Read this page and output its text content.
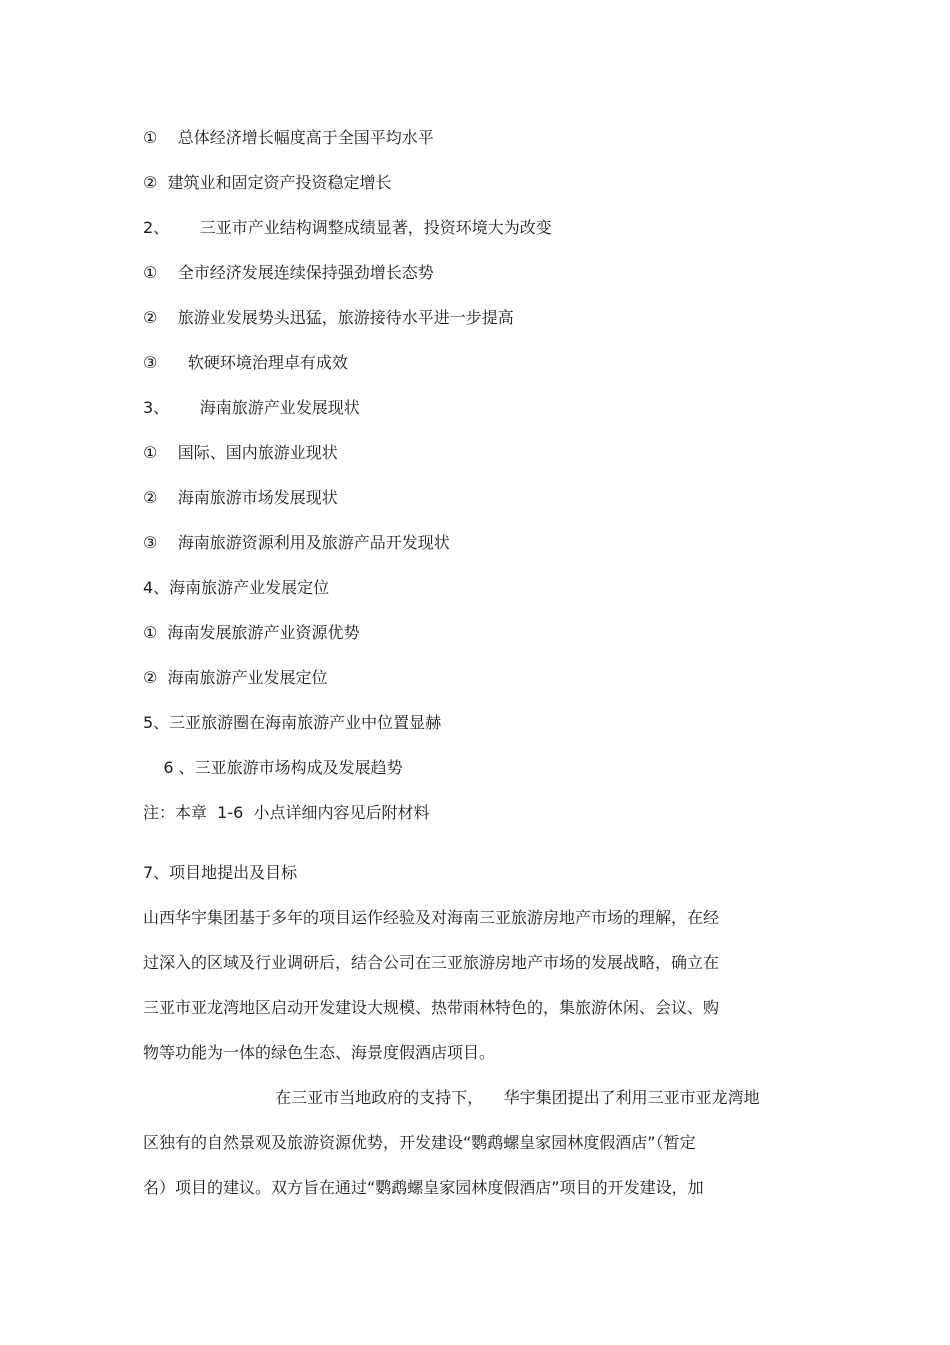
①    总体经济增长幅度高于全国平均水平
②  建筑业和固定资产投资稳定增长
2、      三亚市产业结构调整成绩显著，投资环境大为改变
①    全市经济发展连续保持强劲增长态势
②    旅游业发展势头迅猛，旅游接待水平进一步提高
③      软硬环境治理卓有成效
3、      海南旅游产业发展现状
①    国际、国内旅游业现状
②    海南旅游市场发展现状
③    海南旅游资源利用及旅游产品开发现状
4、海南旅游产业发展定位
①  海南发展旅游产业资源优势
②  海南旅游产业发展定位
5、三亚旅游圈在海南旅游产业中位置显赫
6 、三亚旅游市场构成及发展趋势
注：本章  1-6  小点详细内容见后附材料
7、项目地提出及目标
山西华宇集团基于多年的项目运作经验及对海南三亚旅游房地产市场的理解，在经
过深入的区域及行业调研后，结合公司在三亚旅游房地产市场的发展战略，确立在
三亚市亚龙湾地区启动开发建设大规模、热带雨林特色的，集旅游休闲、会议、购
物等功能为一体的绿色生态、海景度假酒店项目。
在三亚市当地政府的支持下，    华宇集团提出了利用三亚市亚龙湾地
区独有的自然景观及旅游资源优势，开发建设“鹦鹉螺皇家园林度假酒店”（暂定
名）项目的建议。双方旨在通过“鹦鹉螺皇家园林度假酒店”项目的开发建设，加
